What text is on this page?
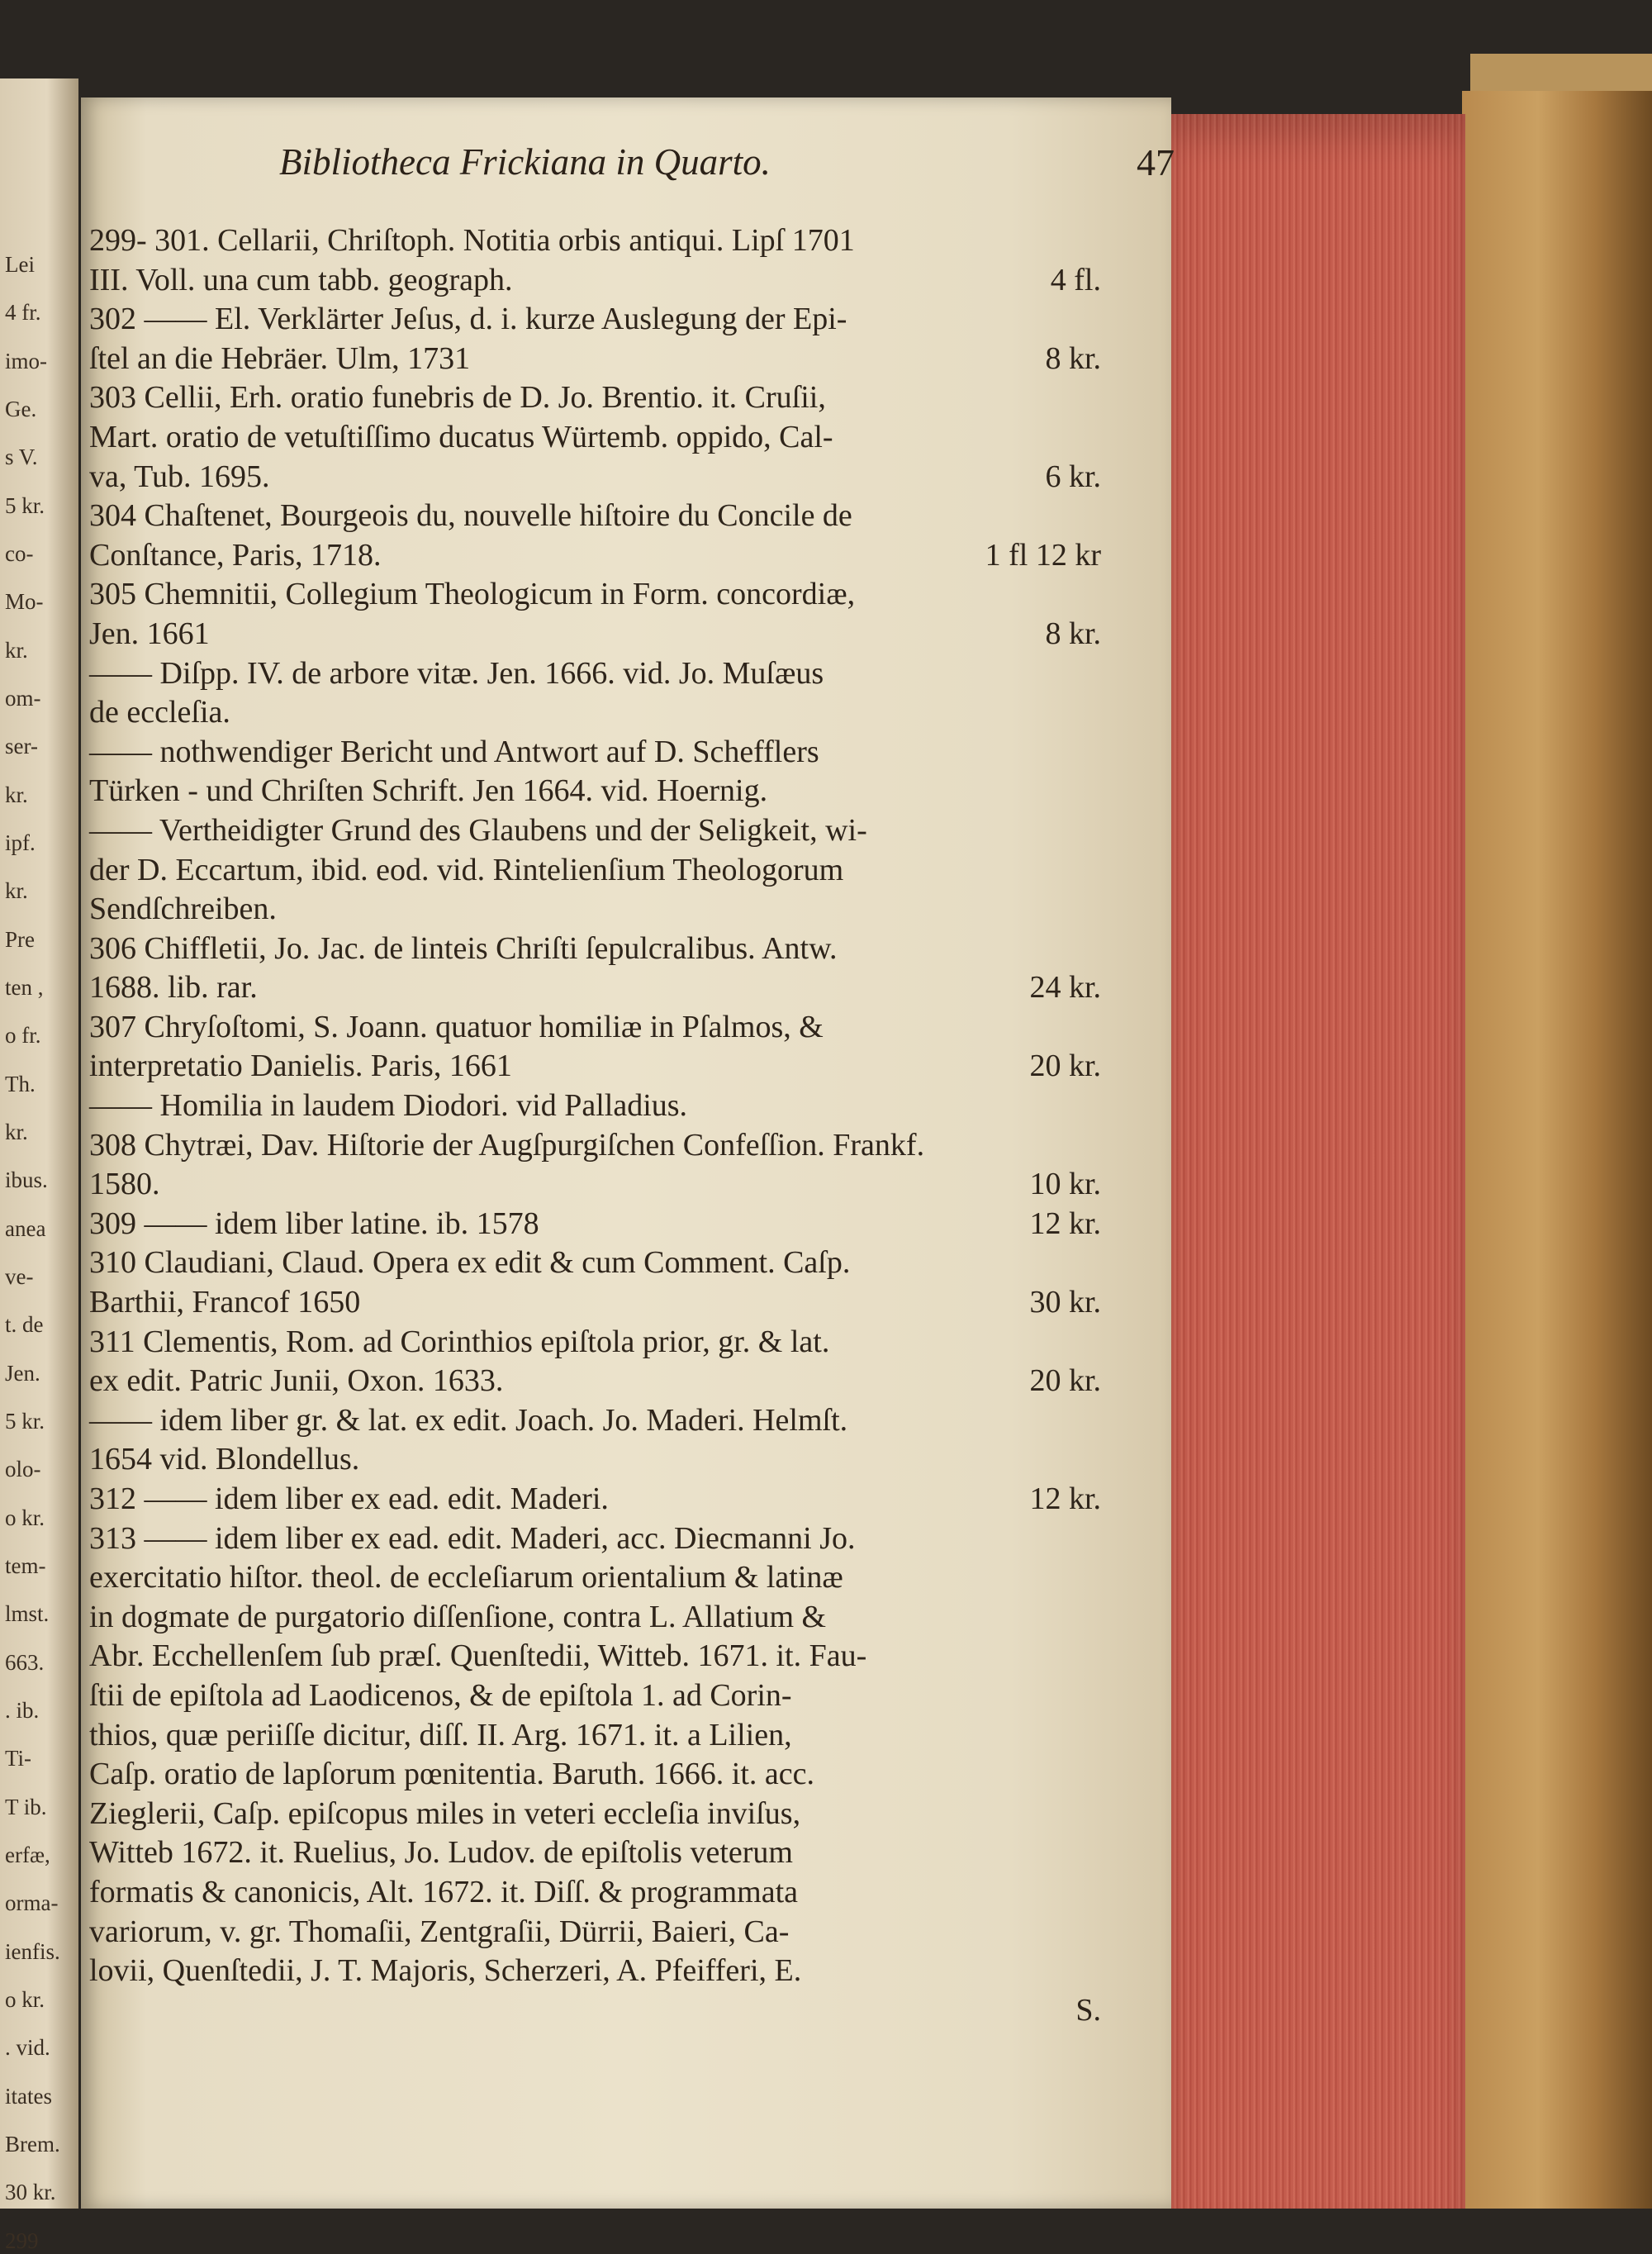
Lei
4 fr.
imo-
Ge.
s V.
5 kr.
co-
Mo-
kr.
om-
ser-
kr.
ipf.
kr.
Pre
ten ,
o fr.
Th.
kr.
ibus.
anea
ve-
t. de
Jen.
5 kr.
olo-
o kr.
tem-
lmst.
663.
. ib.
Ti-
T ib.
erfæ,
orma-
ienfis.
o kr.
. vid.
itates
Brem.
30 kr.
299
Bibliotheca Frickiana in Quarto.	47
299- 301. Cellarii, Chriſtoph. Notitia orbis antiqui. Lipſ 1701
III. Voll. una cum tabb. geograph.	4 fl.
302 —— El. Verklärter Jeſus, d. i. kurze Auslegung der Epi-
ſtel an die Hebräer. Ulm, 1731	8 kr.
303 Cellii, Erh. oratio funebris de D. Jo. Brentio. it. Cruſii,
Mart. oratio de vetuſtiſſimo ducatus Würtemb. oppido, Cal-
va, Tub. 1695.	6 kr.
304 Chaſtenet, Bourgeois du, nouvelle hiſtoire du Concile de
Conſtance, Paris, 1718.	1 fl 12 kr
305 Chemnitii, Collegium Theologicum in Form. concordiæ,
Jen. 1661	8 kr.
—— Diſpp. IV. de arbore vitæ. Jen. 1666. vid. Jo. Muſæus
de eccleſia.
—— nothwendiger Bericht und Antwort auf D. Schefflers
Türken - und Chriſten Schrift. Jen 1664. vid. Hoernig.
—— Vertheidigter Grund des Glaubens und der Seligkeit, wi-
der D. Eccartum, ibid. eod. vid. Rintelienſium Theologorum
Sendſchreiben.
306 Chiffletii, Jo. Jac. de linteis Chriſti ſepulcralibus. Antw.
1688. lib. rar.	24 kr.
307 Chryſoſtomi, S. Joann. quatuor homiliæ in Pſalmos, &
interpretatio Danielis. Paris, 1661	20 kr.
—— Homilia in laudem Diodori. vid Palladius.
308 Chytræi, Dav. Hiſtorie der Augſpurgiſchen Confeſſion. Frankf.
1580.	10 kr.
309 —— idem liber latine. ib. 1578	12 kr.
310 Claudiani, Claud. Opera ex edit & cum Comment. Caſp.
Barthii, Francof 1650	30 kr.
311 Clementis, Rom. ad Corinthios epiſtola prior, gr. & lat.
ex edit. Patric Junii, Oxon. 1633.	20 kr.
—— idem liber gr. & lat. ex edit. Joach. Jo. Maderi. Helmſt.
1654 vid. Blondellus.
312 —— idem liber ex ead. edit. Maderi.	12 kr.
313 —— idem liber ex ead. edit. Maderi, acc. Diecmanni Jo.
exercitatio hiſtor. theol. de eccleſiarum orientalium & latinæ
in dogmate de purgatorio diſſenſione, contra L. Allatium &
Abr. Ecchellenſem ſub præſ. Quenſtedii, Witteb. 1671. it. Fau-
ſtii de epiſtola ad Laodicenos, & de epiſtola 1. ad Corin-
thios, quæ periiſſe dicitur, diſſ. II. Arg. 1671. it. a Lilien,
Caſp. oratio de lapſorum pœnitentia. Baruth. 1666. it. acc.
Zieglerii, Caſp. epiſcopus miles in veteri eccleſia inviſus,
Witteb 1672. it. Ruelius, Jo. Ludov. de epiſtolis veterum
formatis & canonicis, Alt. 1672. it. Diſſ. & programmata
variorum, v. gr. Thomaſii, Zentgraſii, Dürrii, Baieri, Ca-
lovii, Quenſtedii, J. T. Majoris, Scherzeri, A. Pfeifferi, E.
S.
